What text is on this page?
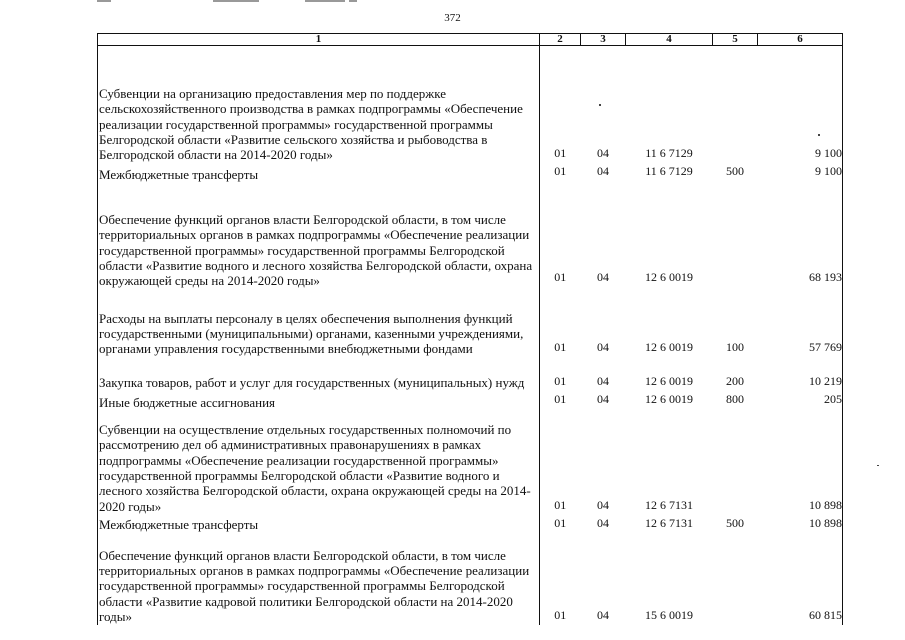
372
1	2	3	4	5	6

Субвенции на организацию предоставления мер по поддержке сельскохозяйственного производства в рамках подпрограммы «Обеспечение реализации государственной программы» государственной программы Белгородской области «Развитие сельского хозяйства и рыбоводства в Белгородской области на 2014-2020 годы»	01	04	11 6 7129		9 100

Межбюджетные трансферты	01	04	11 6 7129	500	9 100

Обеспечение функций органов власти Белгородской области, в том числе территориальных органов в рамках подпрограммы «Обеспечение реализации государственной программы» государственной программы Белгородской области «Развитие водного и лесного хозяйства Белгородской области, охрана окружающей среды на 2014-2020 годы»	01	04	12 6 0019		68 193

Расходы на выплаты персоналу в целях обеспечения выполнения функций государственными (муниципальными) органами, казенными учреждениями, органами управления государственными внебюджетными фондами	01	04	12 6 0019	100	57 769

Закупка товаров, работ и услуг для государственных (муниципальных) нужд	01	04	12 6 0019	200	10 219

Иные бюджетные ассигнования	01	04	12 6 0019	800	205

Субвенции на осуществление отдельных государственных полномочий по рассмотрению дел об административных правонарушениях в рамках подпрограммы «Обеспечение реализации государственной программы» государственной программы Белгородской области «Развитие водного и лесного хозяйства Белгородской области, охрана окружающей среды на 2014-2020 годы»	01	04	12 6 7131		10 898

Межбюджетные трансферты	01	04	12 6 7131	500	10 898

Обеспечение функций органов власти Белгородской области, в том числе территориальных органов в рамках подпрограммы «Обеспечение реализации государственной программы» государственной программы Белгородской области «Развитие кадровой политики Белгородской области на 2014-2020 годы»	01	04	15 6 0019		60 815
